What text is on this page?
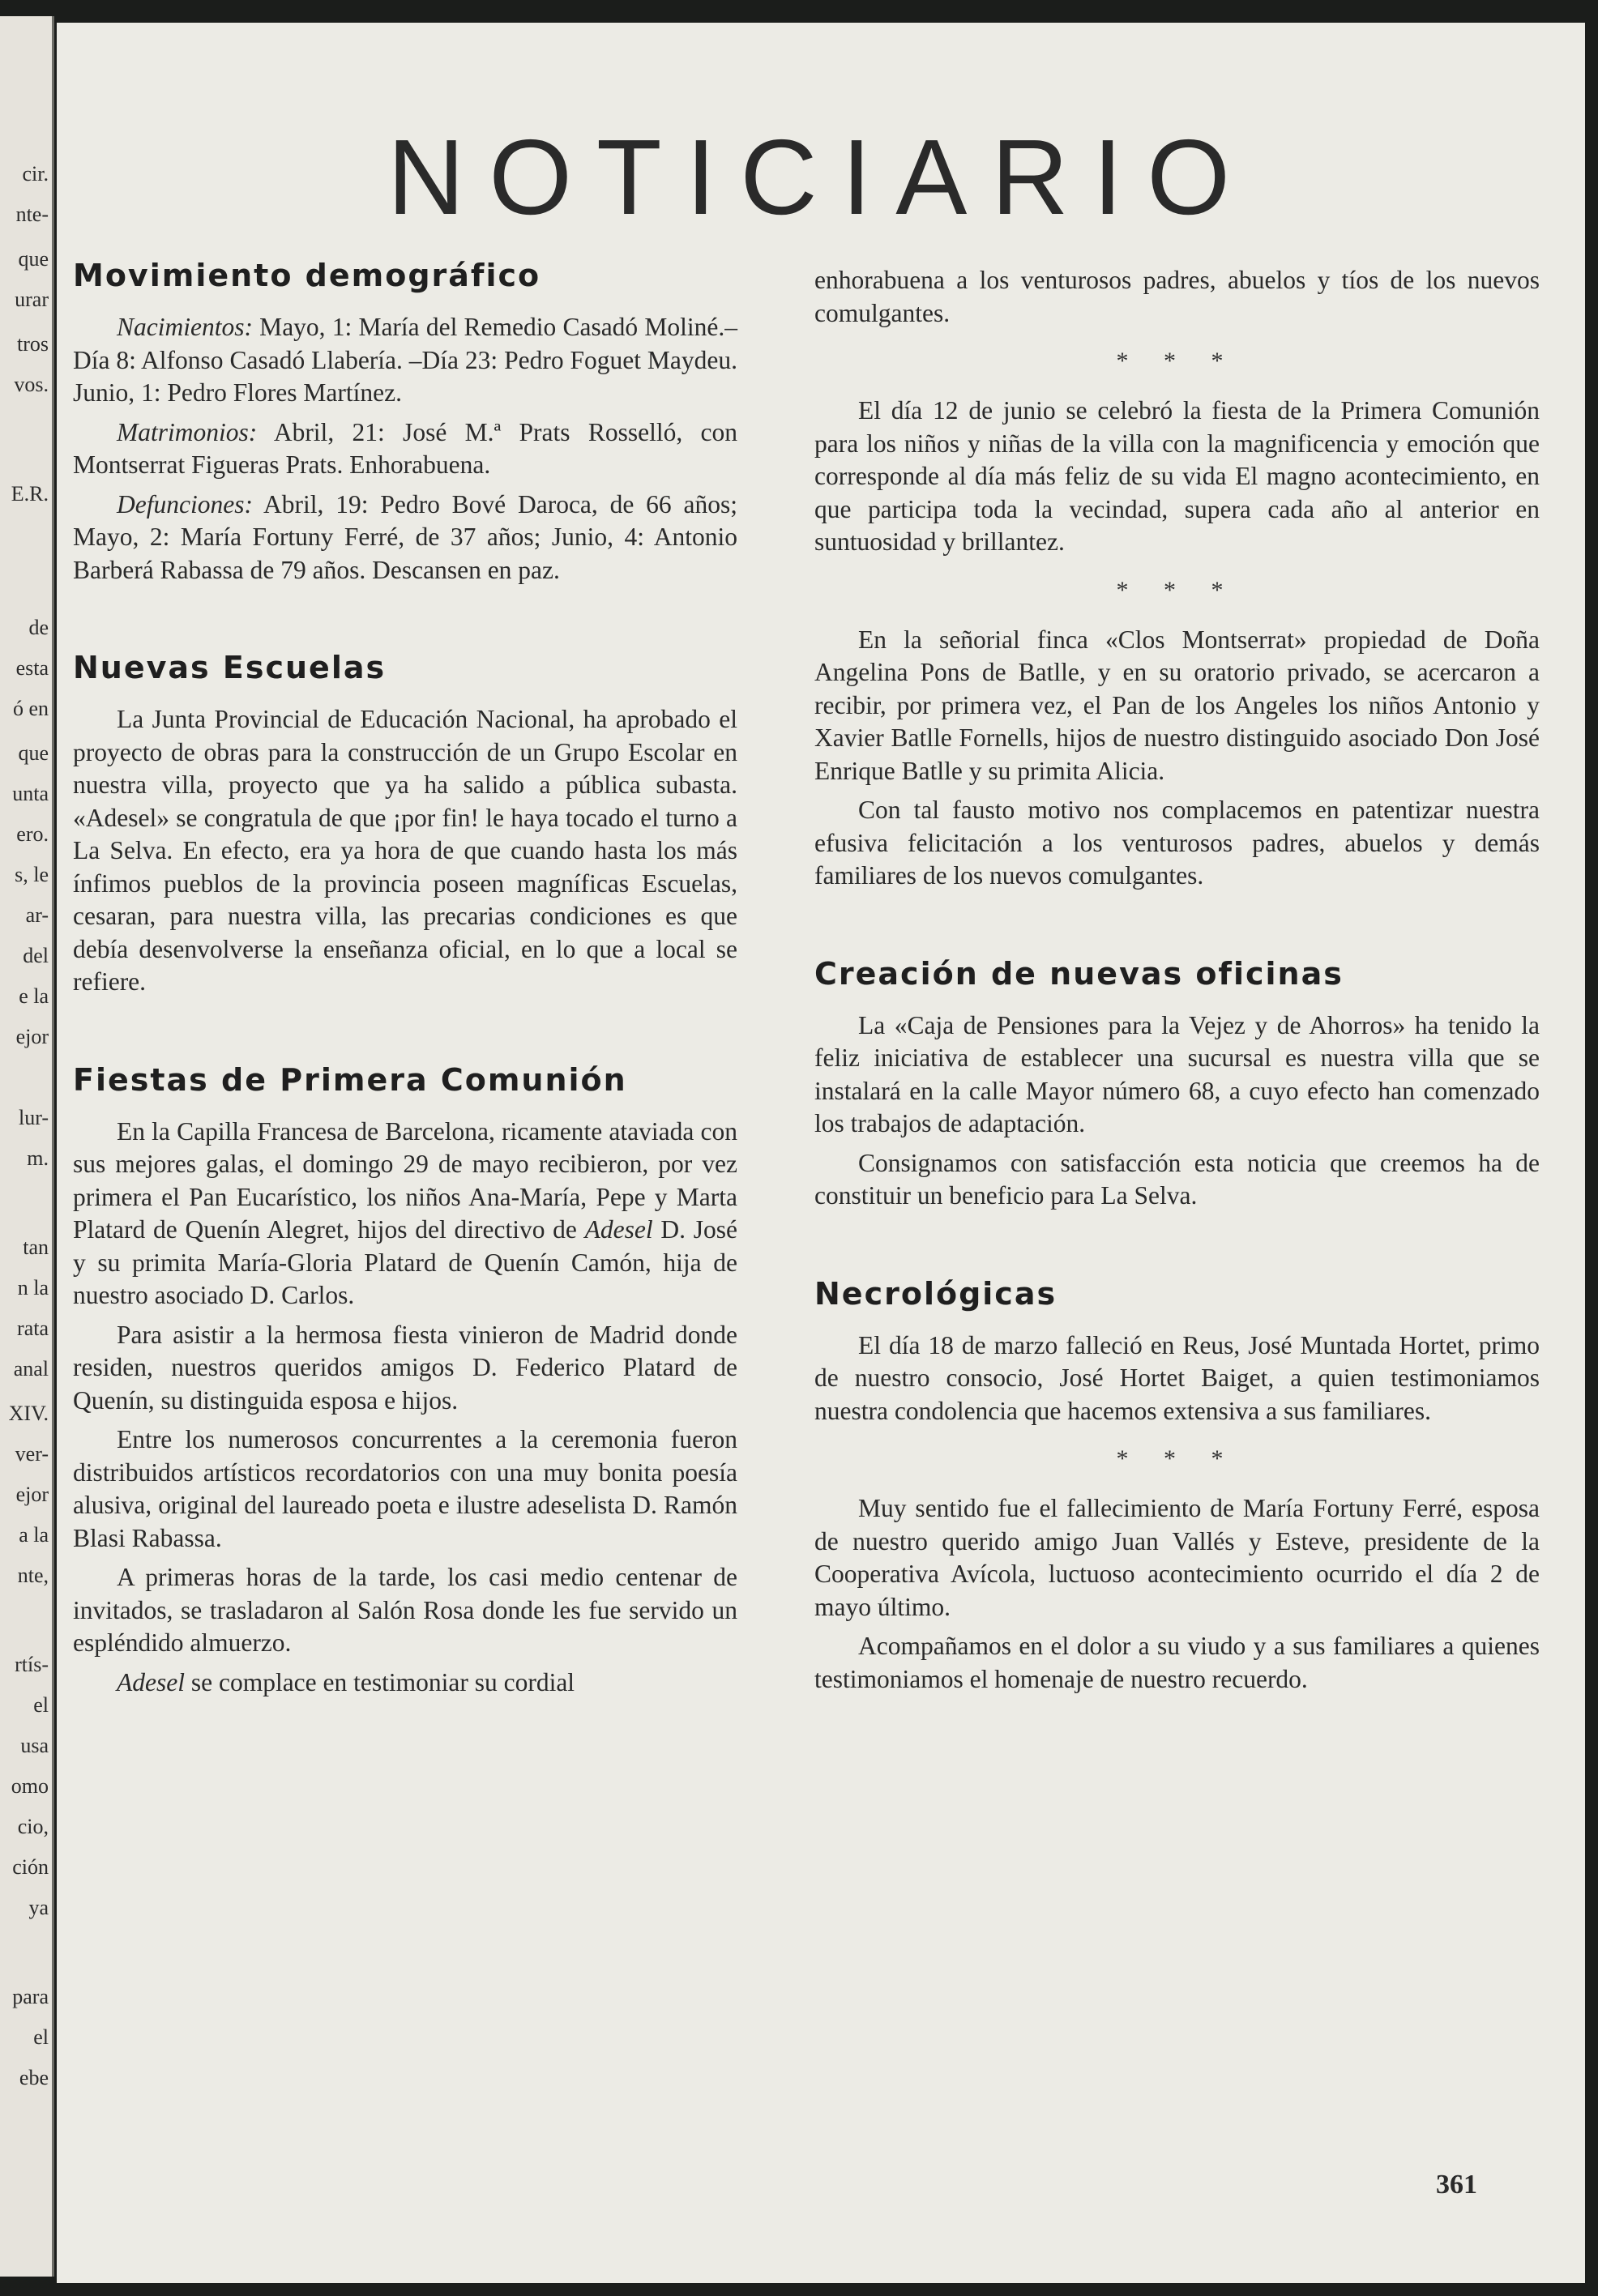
cir.
nte-
que
urar
tros
vos.
E.R.
de
esta
ó en
que
unta
ero.
s, le
ar-
del
e la
ejor
lur-
m.
tan
n la
rata
anal
XIV.
ver-
ejor
a la
nte,
rtís-
el
usa
omo
cio,
ción
ya
para
el
ebe
NOTICIARIO
Movimiento demográfico

Nacimientos: Mayo, 1: María del Remedio Casadó Moliné.–Día 8: Alfonso Casadó Llabería. –Día 23: Pedro Foguet Maydeu. Junio, 1: Pedro Flores Martínez.

Matrimonios: Abril, 21: José M.ª Prats Rosselló, con Montserrat Figueras Prats. Enhorabuena.

Defunciones: Abril, 19: Pedro Bové Daroca, de 66 años; Mayo, 2: María Fortuny Ferré, de 37 años; Junio, 4: Antonio Barberá Rabassa de 79 años. Descansen en paz.

Nuevas Escuelas

La Junta Provincial de Educación Nacional, ha aprobado el proyecto de obras para la construcción de un Grupo Escolar en nuestra villa, proyecto que ya ha salido a pública subasta. «Adesel» se congratula de que ¡por fin! le haya tocado el turno a La Selva. En efecto, era ya hora de que cuando hasta los más ínfimos pueblos de la provincia poseen magníficas Escuelas, cesaran, para nuestra villa, las precarias condiciones es que debía desenvolverse la enseñanza oficial, en lo que a local se refiere.

Fiestas de Primera Comunión

En la Capilla Francesa de Barcelona, ricamente ataviada con sus mejores galas, el domingo 29 de mayo recibieron, por vez primera el Pan Eucarístico, los niños Ana-María, Pepe y Marta Platard de Quenín Alegret, hijos del directivo de Adesel D. José y su primita María-Gloria Platard de Quenín Camón, hija de nuestro asociado D. Carlos.

Para asistir a la hermosa fiesta vinieron de Madrid donde residen, nuestros queridos amigos D. Federico Platard de Quenín, su distinguida esposa e hijos.

Entre los numerosos concurrentes a la ceremonia fueron distribuidos artísticos recordatorios con una muy bonita poesía alusiva, original del laureado poeta e ilustre adeselista D. Ramón Blasi Rabassa.

A primeras horas de la tarde, los casi medio centenar de invitados, se trasladaron al Salón Rosa donde les fue servido un espléndido almuerzo.

Adesel se complace en testimoniar su cordial

enhorabuena a los venturosos padres, abuelos y tíos de los nuevos comulgantes.

* * *

El día 12 de junio se celebró la fiesta de la Primera Comunión para los niños y niñas de la villa con la magnificencia y emoción que corresponde al día más feliz de su vida El magno acontecimiento, en que participa toda la vecindad, supera cada año al anterior en suntuosidad y brillantez.

* * *

En la señorial finca «Clos Montserrat» propiedad de Doña Angelina Pons de Batlle, y en su oratorio privado, se acercaron a recibir, por primera vez, el Pan de los Angeles los niños Antonio y Xavier Batlle Fornells, hijos de nuestro distinguido asociado Don José Enrique Batlle y su primita Alicia.

Con tal fausto motivo nos complacemos en patentizar nuestra efusiva felicitación a los venturosos padres, abuelos y demás familiares de los nuevos comulgantes.

Creación de nuevas oficinas

La «Caja de Pensiones para la Vejez y de Ahorros» ha tenido la feliz iniciativa de establecer una sucursal es nuestra villa que se instalará en la calle Mayor número 68, a cuyo efecto han comenzado los trabajos de adaptación.

Consignamos con satisfacción esta noticia que creemos ha de constituir un beneficio para La Selva.

Necrológicas

El día 18 de marzo falleció en Reus, José Muntada Hortet, primo de nuestro consocio, José Hortet Baiget, a quien testimoniamos nuestra condolencia que hacemos extensiva a sus familiares.

* * *

Muy sentido fue el fallecimiento de María Fortuny Ferré, esposa de nuestro querido amigo Juan Vallés y Esteve, presidente de la Cooperativa Avícola, luctuoso acontecimiento ocurrido el día 2 de mayo último.

Acompañamos en el dolor a su viudo y a sus familiares a quienes testimoniamos el homenaje de nuestro recuerdo.

361
